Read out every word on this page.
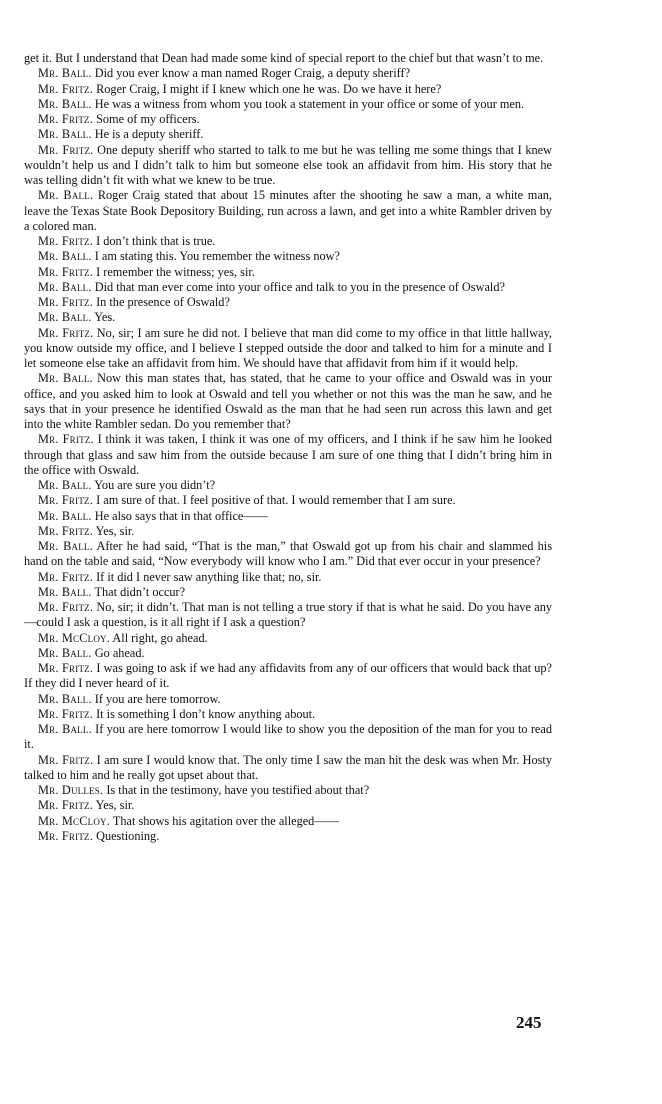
get it. But I understand that Dean had made some kind of special report to the chief but that wasn’t to me.

Mr. Ball. Did you ever know a man named Roger Craig, a deputy sheriff?

Mr. Fritz. Roger Craig, I might if I knew which one he was. Do we have it here?

Mr. Ball. He was a witness from whom you took a statement in your office or some of your men.

Mr. Fritz. Some of my officers.

Mr. Ball. He is a deputy sheriff.

Mr. Fritz. One deputy sheriff who started to talk to me but he was telling me some things that I knew wouldn’t help us and I didn’t talk to him but someone else took an affidavit from him. His story that he was telling didn’t fit with what we knew to be true.

Mr. Ball. Roger Craig stated that about 15 minutes after the shooting he saw a man, a white man, leave the Texas State Book Depository Building, run across a lawn, and get into a white Rambler driven by a colored man.

Mr. Fritz. I don’t think that is true.

Mr. Ball. I am stating this. You remember the witness now?

Mr. Fritz. I remember the witness; yes, sir.

Mr. Ball. Did that man ever come into your office and talk to you in the presence of Oswald?

Mr. Fritz. In the presence of Oswald?

Mr. Ball. Yes.

Mr. Fritz. No, sir; I am sure he did not. I believe that man did come to my office in that little hallway, you know outside my office, and I believe I stepped outside the door and talked to him for a minute and I let someone else take an affidavit from him. We should have that affidavit from him if it would help.

Mr. Ball. Now this man states that, has stated, that he came to your office and Oswald was in your office, and you asked him to look at Oswald and tell you whether or not this was the man he saw, and he says that in your presence he identified Oswald as the man that he had seen run across this lawn and get into the white Rambler sedan. Do you remember that?

Mr. Fritz. I think it was taken, I think it was one of my officers, and I think if he saw him he looked through that glass and saw him from the outside because I am sure of one thing that I didn’t bring him in the office with Oswald.

Mr. Ball. You are sure you didn’t?

Mr. Fritz. I am sure of that. I feel positive of that. I would remember that I am sure.

Mr. Ball. He also says that in that office——

Mr. Fritz. Yes, sir.

Mr. Ball. After he had said, “That is the man,” that Oswald got up from his chair and slammed his hand on the table and said, “Now everybody will know who I am.” Did that ever occur in your presence?

Mr. Fritz. If it did I never saw anything like that; no, sir.

Mr. Ball. That didn’t occur?

Mr. Fritz. No, sir; it didn’t. That man is not telling a true story if that is what he said. Do you have any—could I ask a question, is it all right if I ask a question?

Mr. McCloy. All right, go ahead.

Mr. Ball. Go ahead.

Mr. Fritz. I was going to ask if we had any affidavits from any of our officers that would back that up? If they did I never heard of it.

Mr. Ball. If you are here tomorrow.

Mr. Fritz. It is something I don’t know anything about.

Mr. Ball. If you are here tomorrow I would like to show you the deposition of the man for you to read it.

Mr. Fritz. I am sure I would know that. The only time I saw the man hit the desk was when Mr. Hosty talked to him and he really got upset about that.

Mr. Dulles. Is that in the testimony, have you testified about that?

Mr. Fritz. Yes, sir.

Mr. McCloy. That shows his agitation over the alleged——

Mr. Fritz. Questioning.

245
